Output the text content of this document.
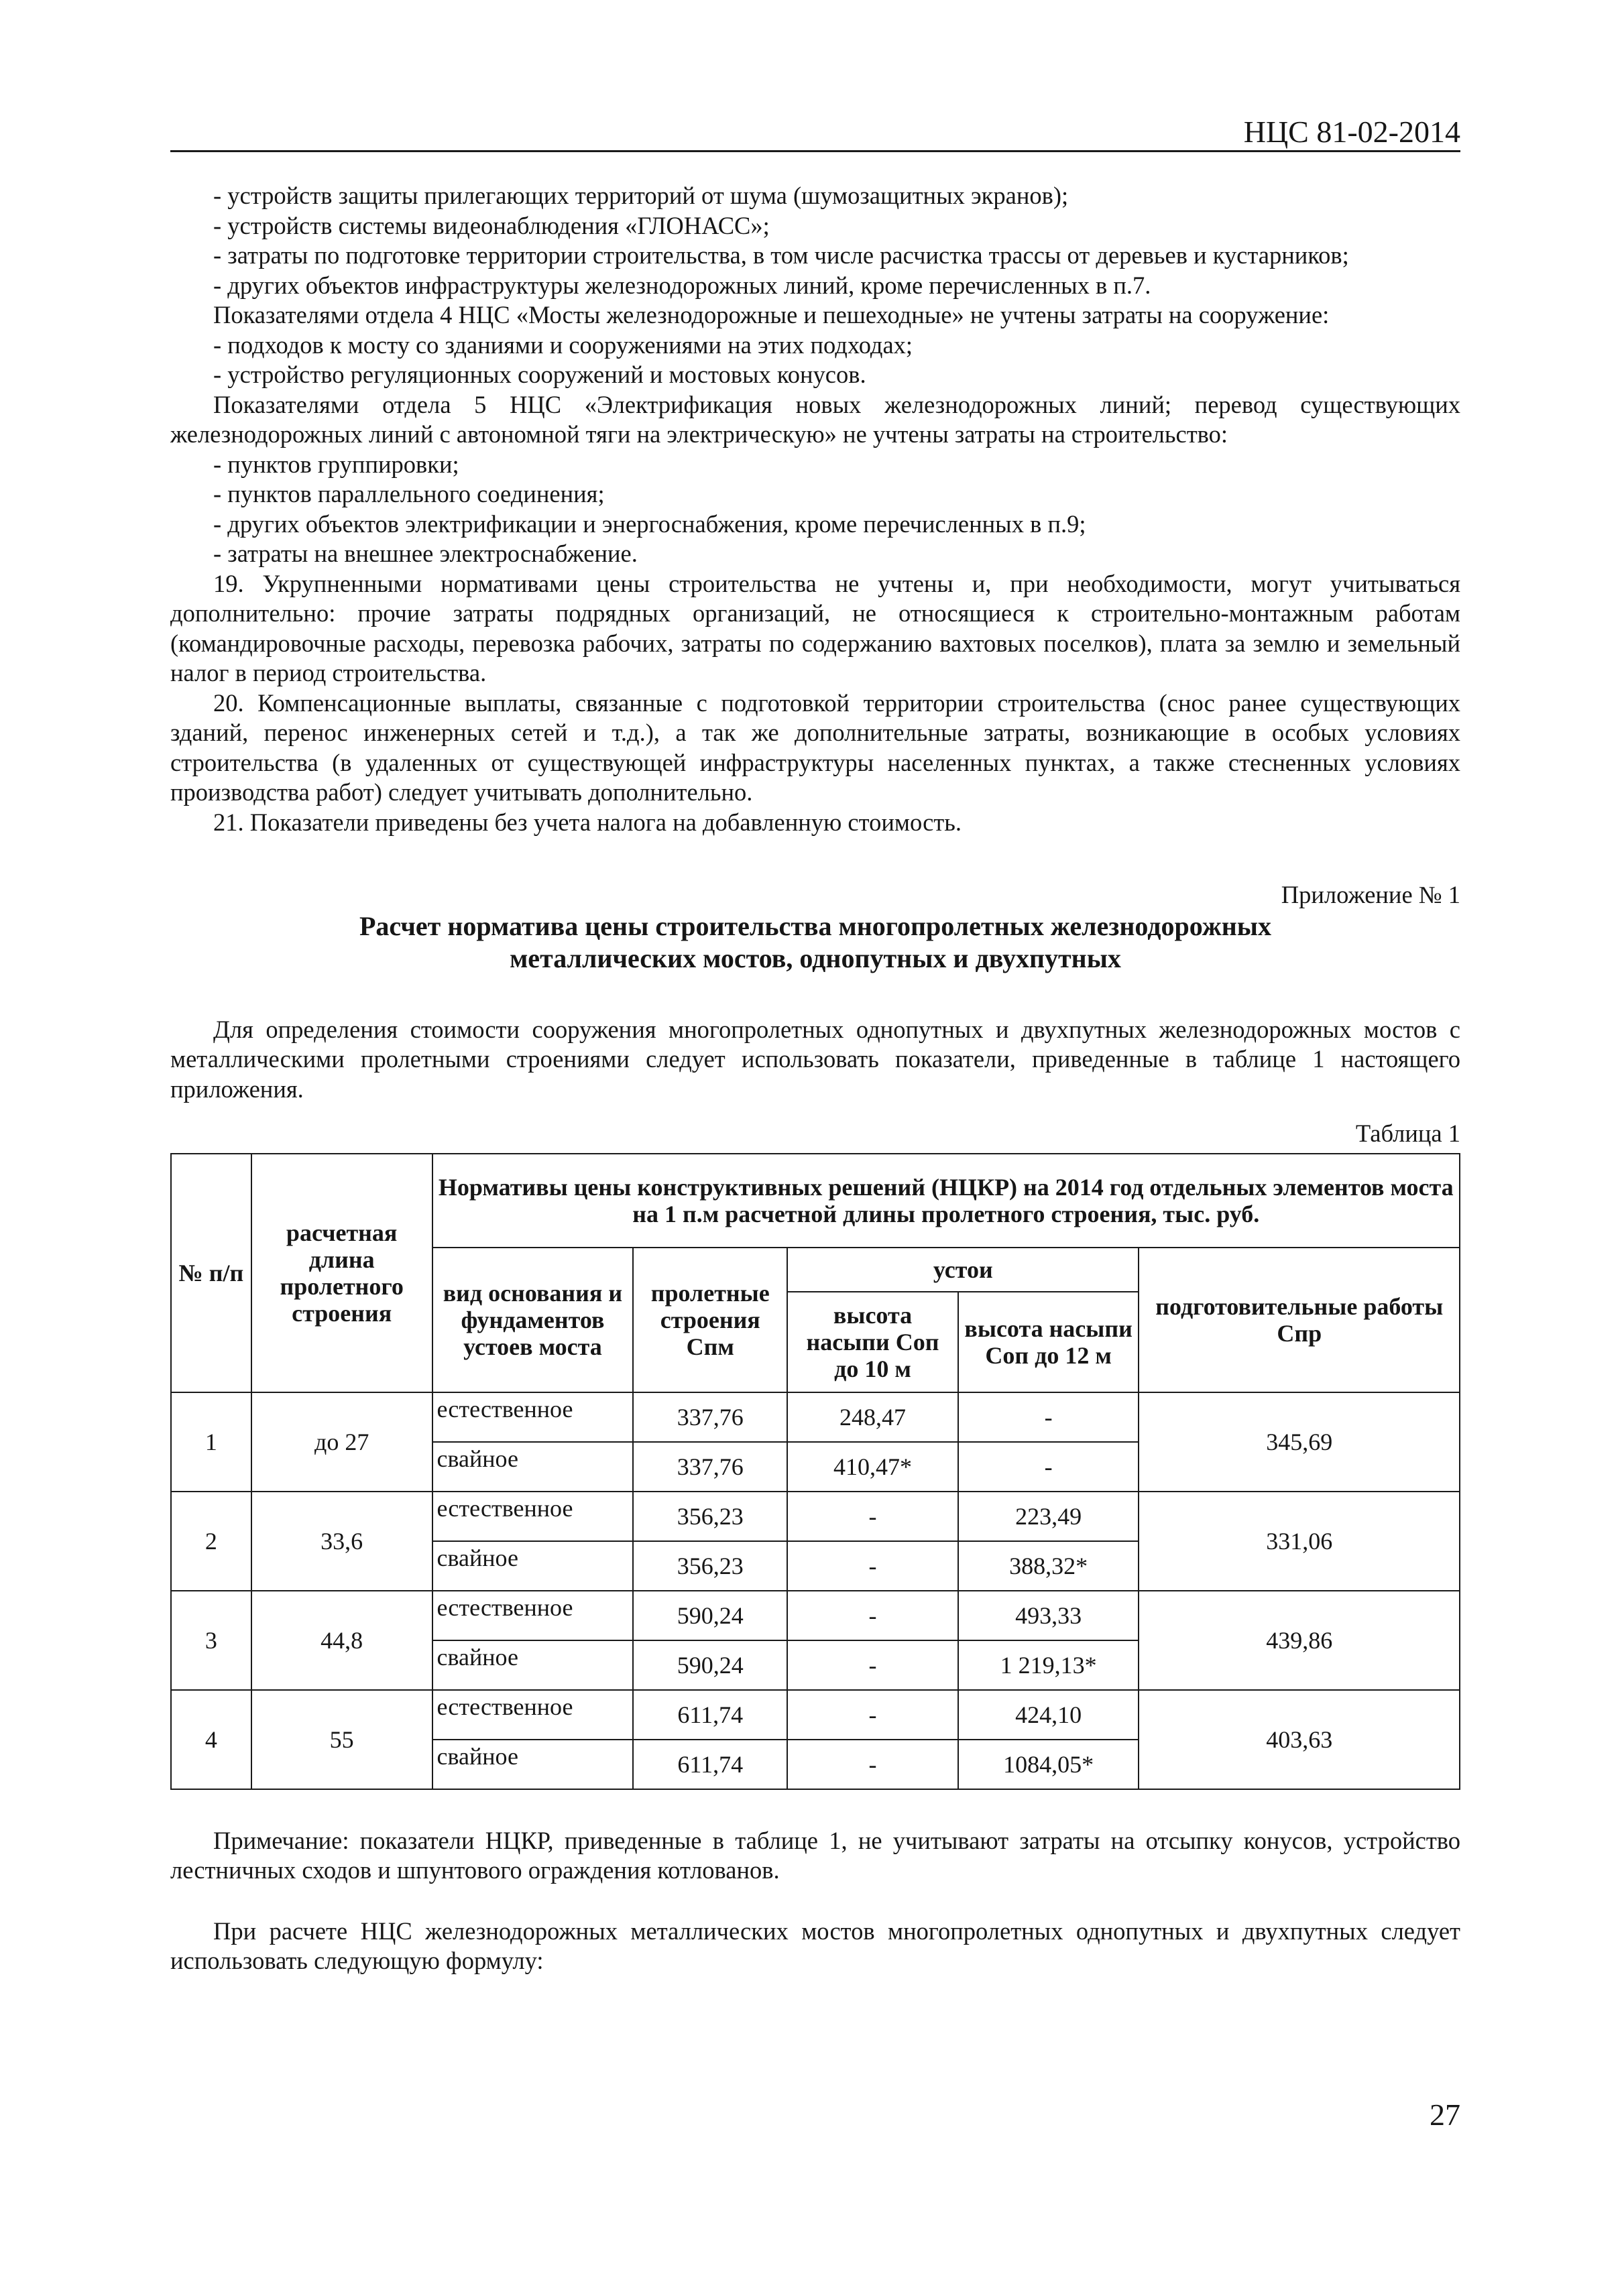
НЦС 81-02-2014

- устройств защиты прилегающих территорий от шума (шумозащитных экранов);

- устройств системы видеонаблюдения «ГЛОНАСС»;

- затраты по подготовке территории строительства, в том числе расчистка трассы от деревьев и кустарников;

- других объектов инфраструктуры железнодорожных линий, кроме перечисленных в п.7.

Показателями отдела 4 НЦС «Мосты железнодорожные и пешеходные» не учтены затраты на сооружение:

- подходов к мосту со зданиями и сооружениями на этих подходах;

- устройство регуляционных сооружений и мостовых конусов.

Показателями отдела 5 НЦС «Электрификация новых железнодорожных линий; перевод существующих железнодорожных линий с автономной тяги на электрическую» не учтены затраты на строительство:

- пунктов группировки;

- пунктов параллельного соединения;

- других объектов электрификации и энергоснабжения, кроме перечисленных в п.9;

- затраты на внешнее электроснабжение.

19. Укрупненными нормативами цены строительства не учтены и, при необходимости, могут учитываться дополнительно: прочие затраты подрядных организаций, не относящиеся к строительно-монтажным работам (командировочные расходы, перевозка рабочих, затраты по содержанию вахтовых поселков), плата за землю и земельный налог в период строительства.

20. Компенсационные выплаты, связанные с подготовкой территории строительства (снос ранее существующих зданий, перенос инженерных сетей и т.д.), а так же дополнительные затраты, возникающие в особых условиях строительства (в удаленных от существующей инфраструктуры населенных пунктах, а также стесненных условиях производства работ) следует учитывать дополнительно.

21. Показатели приведены без учета налога на добавленную стоимость.

Приложение № 1

Расчет норматива цены строительства многопролетных железнодорожных металлических мостов, однопутных и двухпутных

Для определения стоимости сооружения многопролетных однопутных и двухпутных железнодорожных мостов с металлическими пролетными строениями следует использовать показатели, приведенные в таблице 1 настоящего приложения.

Таблица 1

№ п/п	расчетная длина пролетного строения	Нормативы цены конструктивных решений (НЦКР) на 2014 год отдельных элементов моста на 1 п.м расчетной длины пролетного строения, тыс. руб.				
		вид основания и фундаментов устоев моста	пролетные строения Спм	устои		подготовительные работы Спр
				высота насыпи Соп до 10 м	высота насыпи Соп до 12 м	
1	до 27	естественное	337,76	248,47	-	345,69
		свайное	337,76	410,47*	-	
2	33,6	естественное	356,23	-	223,49	331,06
		свайное	356,23	-	388,32*	
3	44,8	естественное	590,24	-	493,33	439,86
		свайное	590,24	-	1 219,13*	
4	55	естественное	611,74	-	424,10	403,63
		свайное	611,74	-	1084,05*	

Примечание: показатели НЦКР, приведенные в таблице 1, не учитывают затраты на отсыпку конусов, устройство лестничных сходов и шпунтового ограждения котлованов.

При расчете НЦС железнодорожных металлических мостов многопролетных однопутных и двухпутных следует использовать следующую формулу:

27
